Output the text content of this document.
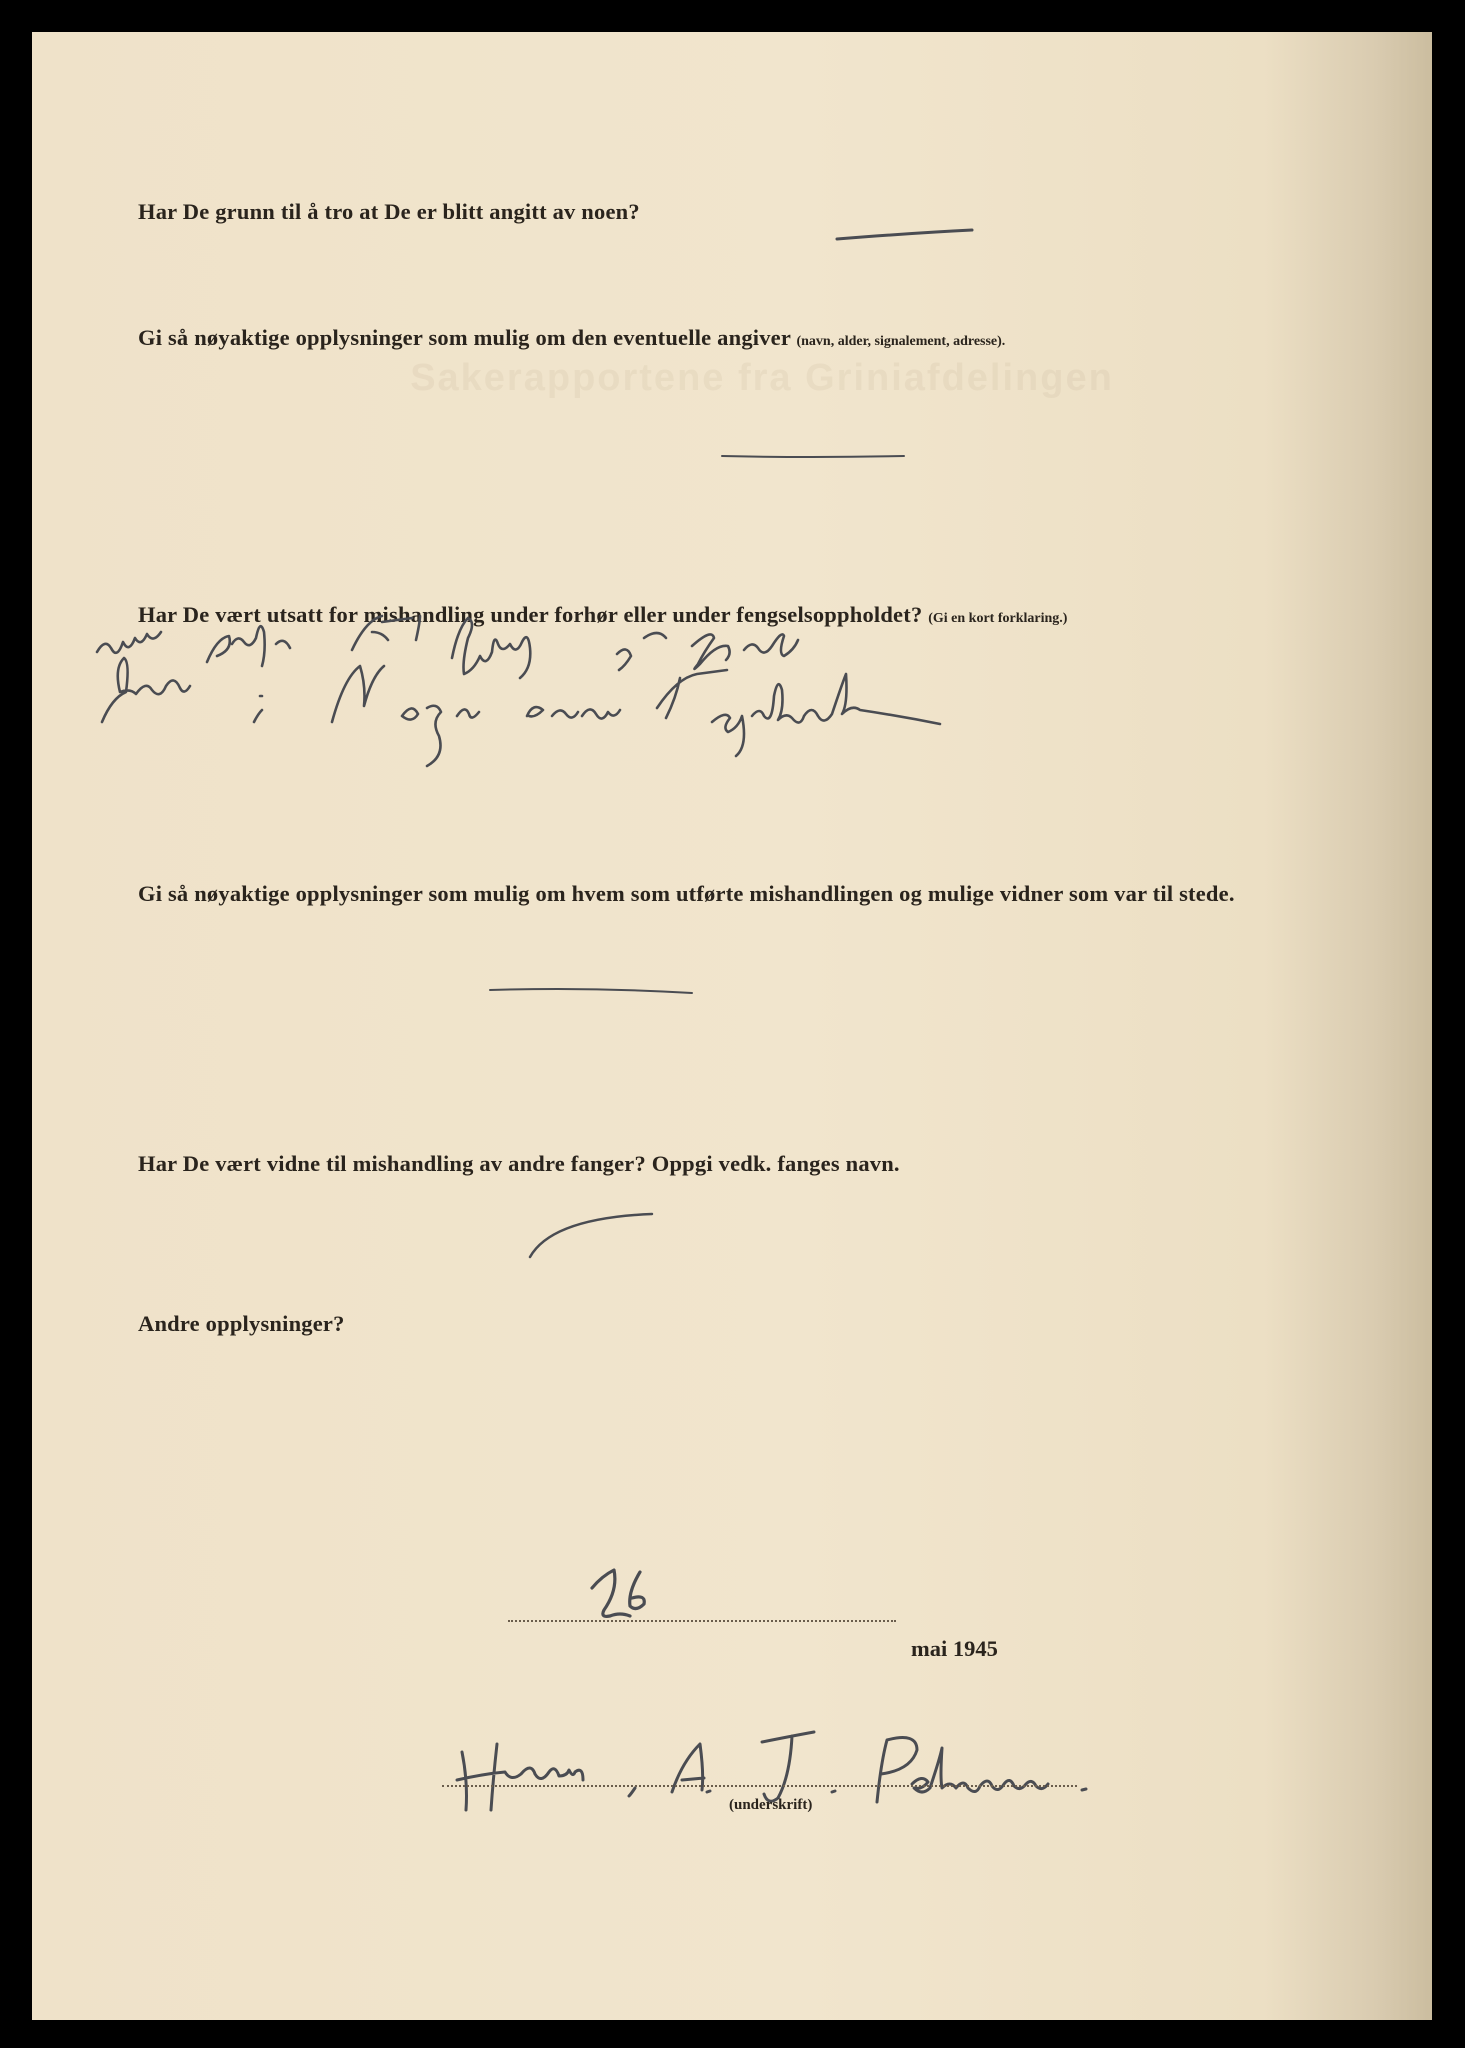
Sakerapportene fra Griniafdelingen
Har De grunn til å tro at De er blitt angitt av noen?
Gi så nøyaktige opplysninger som mulig om den eventuelle angiver (navn, alder, signalement, adresse).
Har De vært utsatt for mishandling under forhør eller under fengselsoppholdet? (Gi en kort forklaring.)
Gi så nøyaktige opplysninger som mulig om hvem som utførte mishandlingen og mulige vidner som var til stede.
Har De vært vidne til mishandling av andre fanger? Oppgi vedk. fanges navn.
Andre opplysninger?
mai 1945
(underskrift)
